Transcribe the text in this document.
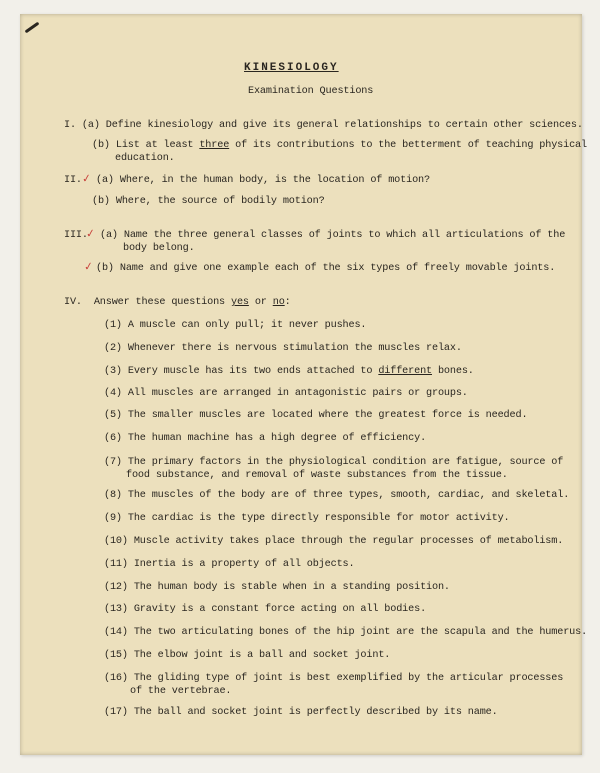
KINESIOLOGY
Examination Questions
I. (a) Define kinesiology and give its general relationships to certain other sciences.
(b) List at least three of its contributions to the betterment of teaching physical
education.
II. ✓ (a) Where, in the human body, is the location of motion?
(b) Where, the source of bodily motion?
III.
✓ (a) Name the three general classes of joints to which all articulations of the
body belong.
✓ (b) Name and give one example each of the six types of freely movable joints.
IV.  Answer these questions yes or no:
(1) A muscle can only pull; it never pushes.
(2) Whenever there is nervous stimulation the muscles relax.
(3) Every muscle has its two ends attached to different bones.
(4) All muscles are arranged in antagonistic pairs or groups.
(5) The smaller muscles are located where the greatest force is needed.
(6) The human machine has a high degree of efficiency.
(7) The primary factors in the physiological condition are fatigue, source of
food substance, and removal of waste substances from the tissue.
(8) The muscles of the body are of three types, smooth, cardiac, and skeletal.
(9) The cardiac is the type directly responsible for motor activity.
(10) Muscle activity takes place through the regular processes of metabolism.
(11) Inertia is a property of all objects.
(12) The human body is stable when in a standing position.
(13) Gravity is a constant force acting on all bodies.
(14) The two articulating bones of the hip joint are the scapula and the humerus.
(15) The elbow joint is a ball and socket joint.
(16) The gliding type of joint is best exemplified by the articular processes
of the vertebrae.
(17) The ball and socket joint is perfectly described by its name.
